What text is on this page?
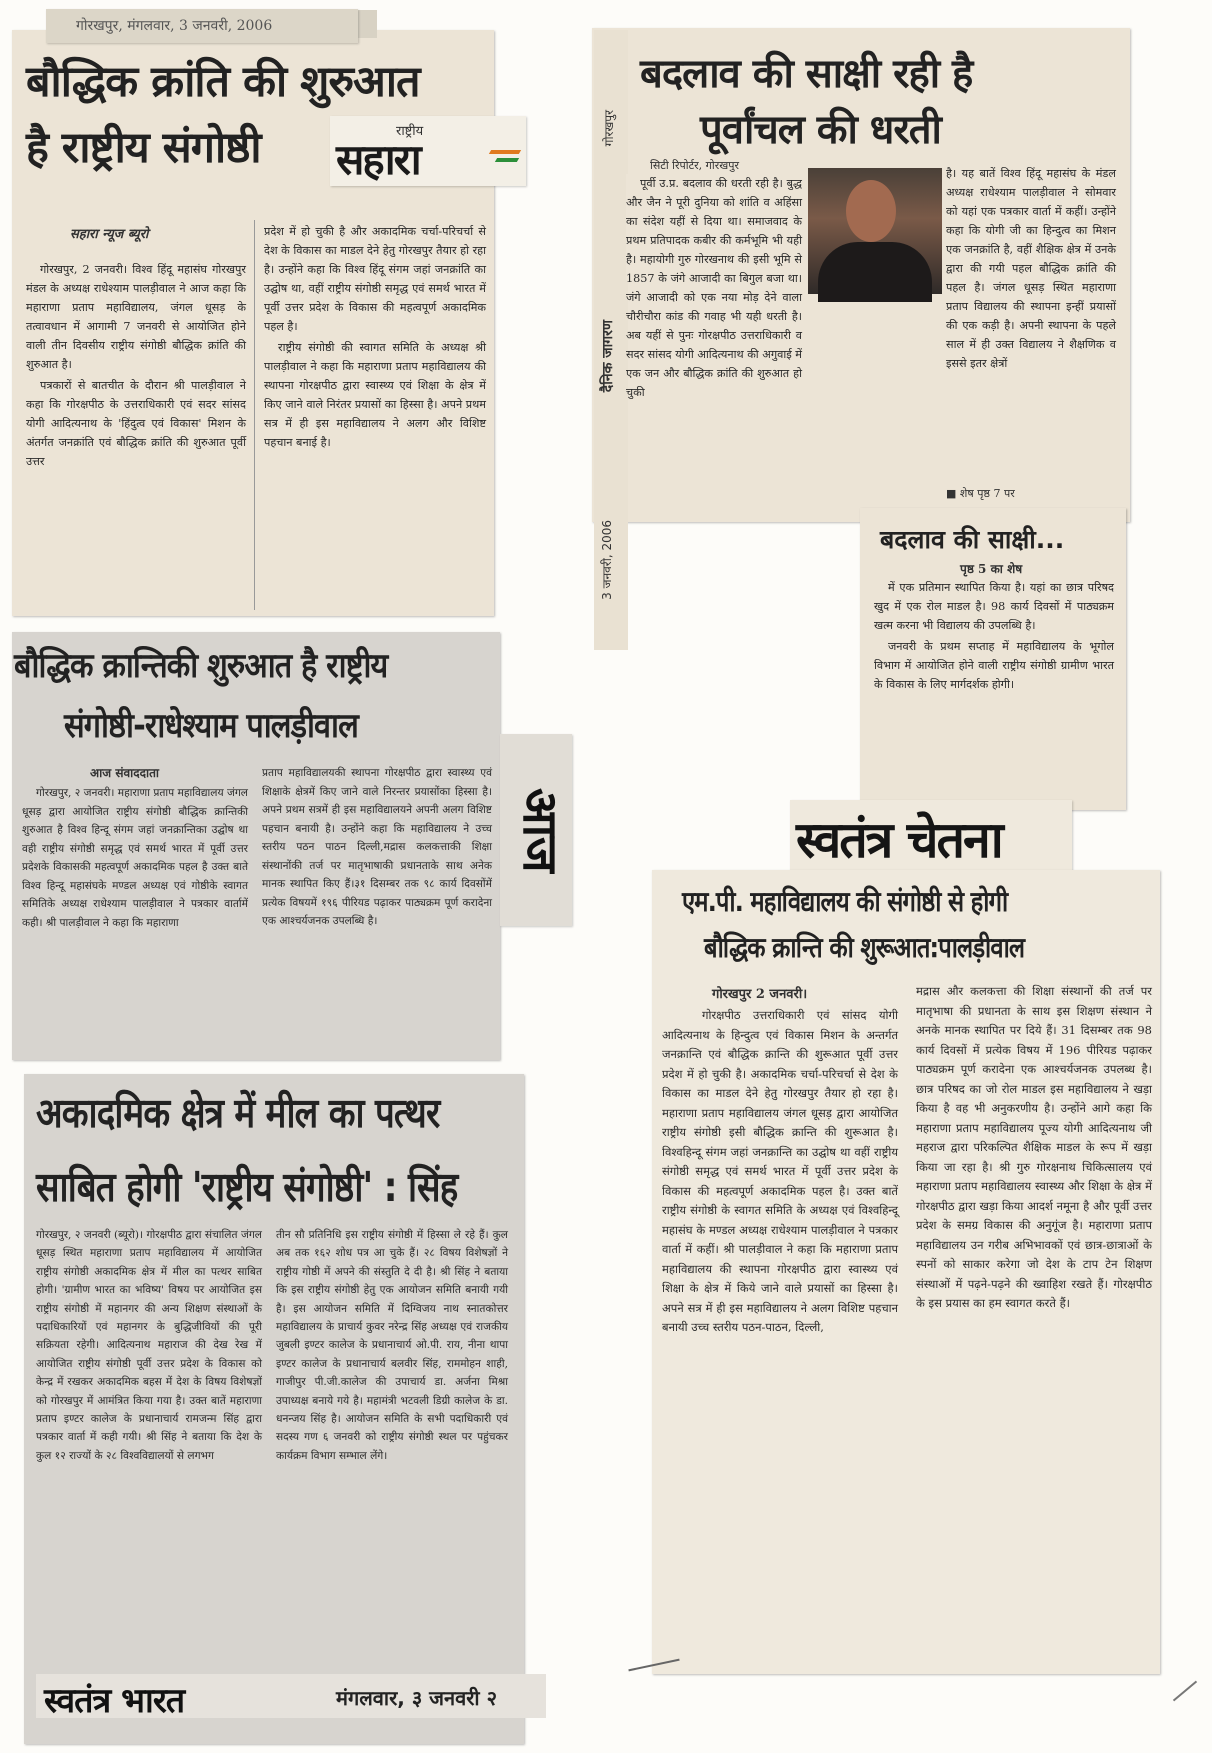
गोरखपुर, मंगलवार, 3 जनवरी, 2006
बौद्धिक क्रांति की शुरुआत
है राष्ट्रीय संगोष्ठी	राष्ट्रीय
सहारा
सहारा न्यूज ब्यूरो

गोरखपुर, 2 जनवरी। विश्व हिंदू महासंघ गोरखपुर मंडल के अध्यक्ष राधेश्याम पालड़ीवाल ने आज कहा कि महाराणा प्रताप महाविद्यालय, जंगल धूसड़ के तत्वावधान में आगामी 7 जनवरी से आयोजित होने वाली तीन दिवसीय राष्ट्रीय संगोष्ठी बौद्धिक क्रांति की शुरुआत है।

पत्रकारों से बातचीत के दौरान श्री पालड़ीवाल ने कहा कि गोरक्षपीठ के उत्तराधिकारी एवं सदर सांसद योगी आदित्यनाथ के 'हिंदुत्व एवं विकास' मिशन के अंतर्गत जनक्रांति एवं बौद्धिक क्रांति की शुरुआत पूर्वी उत्तर

प्रदेश में हो चुकी है और अकादमिक चर्चा-परिचर्चा से देश के विकास का माडल देने हेतु गोरखपुर तैयार हो रहा है। उन्होंने कहा कि विश्व हिंदू संगम जहां जनक्रांति का उद्घोष था, वहीं राष्ट्रीय संगोष्ठी समृद्ध एवं समर्थ भारत में पूर्वी उत्तर प्रदेश के विकास की महत्वपूर्ण अकादमिक पहल है।

राष्ट्रीय संगोष्ठी की स्वागत समिति के अध्यक्ष श्री पालड़ीवाल ने कहा कि महाराणा प्रताप महाविद्यालय की स्थापना गोरक्षपीठ द्वारा स्वास्थ्य एवं शिक्षा के क्षेत्र में किए जाने वाले निरंतर प्रयासों का हिस्सा है। अपने प्रथम सत्र में ही इस महाविद्यालय ने अलग और विशिष्ट पहचान बनाई है।

गोरखपुर
दैनिक जागरण
3 जनवरी, 2006
बदलाव की साक्षी रही है
पूर्वांचल की धरती
सिटी रिपोर्टर, गोरखपुर
पूर्वी उ.प्र. बदलाव की धरती रही है। बुद्ध और जैन ने पूरी दुनिया को शांति व अहिंसा का संदेश यहीं से दिया था। समाजवाद के प्रथम प्रतिपादक कबीर की कर्मभूमि भी यही है। महायोगी गुरु गोरखनाथ की इसी भूमि से 1857 के जंगे आजादी का बिगुल बजा था। जंगे आजादी को एक नया मोड़ देने वाला चौरीचौरा कांड की गवाह भी यही धरती है। अब यहीं से पुनः गोरक्षपीठ उत्तराधिकारी व सदर सांसद योगी आदित्यनाथ की अगुवाई में एक जन और बौद्धिक क्रांति की शुरुआत हो चुकी
है। यह बातें विश्व हिंदू महासंघ के मंडल अध्यक्ष राधेश्याम पालड़ीवाल ने सोमवार को यहां एक पत्रकार वार्ता में कहीं। उन्होंने कहा कि योगी जी का हिन्दुत्व का मिशन एक जनक्रांति है, वहीं शैक्षिक क्षेत्र में उनके द्वारा की गयी पहल बौद्धिक क्रांति की पहल है। जंगल धूसड़ स्थित महाराणा प्रताप विद्यालय की स्थापना इन्हीं प्रयासों की एक कड़ी है। अपनी स्थापना के पहले साल में ही उक्त विद्यालय ने शैक्षणिक व इससे इतर क्षेत्रों
■ शेष पृष्ठ 7 पर
बदलाव की साक्षी...
पृष्ठ 5 का शेष

में एक प्रतिमान स्थापित किया है। यहां का छात्र परिषद खुद में एक रोल माडल है। 98 कार्य दिवसों में पाठ्यक्रम खत्म करना भी विद्यालय की उपलब्धि है।

जनवरी के प्रथम सप्ताह में महाविद्यालय के भूगोल विभाग में आयोजित होने वाली राष्ट्रीय संगोष्ठी ग्रामीण भारत के विकास के लिए मार्गदर्शक होगी।

बौद्धिक क्रान्तिकी शुरुआत है राष्ट्रीय
संगोष्ठी-राधेश्याम पालड़ीवाल
आज
आज संवाददाता
गोरखपुर, २ जनवरी। महाराणा प्रताप महाविद्यालय जंगल धूसड़ द्वारा आयोजित राष्ट्रीय संगोष्ठी बौद्धिक क्रान्तिकी शुरुआत है विश्व हिन्दू संगम जहां जनक्रान्तिका उद्घोष था वही राष्ट्रीय संगोष्ठी समृद्ध एवं समर्थ भारत में पूर्वी उत्तर प्रदेशके विकासकी महत्वपूर्ण अकादमिक पहल है उक्त बाते विश्व हिन्दू महासंघके मण्डल अध्यक्ष एवं गोष्ठीके स्वागत समितिके अध्यक्ष राधेश्याम पालड़ीवाल ने पत्रकार वार्तामें कही। श्री पालड़ीवाल ने कहा कि महाराणा
प्रताप महाविद्यालयकी स्थापना गोरक्षपीठ द्वारा स्वास्थ्य एवं शिक्षाके क्षेत्रमें किए जाने वाले निरन्तर प्रयासोंका हिस्सा है। अपने प्रथम सत्रमें ही इस महाविद्यालयने अपनी अलग विशिष्ट पहचान बनायी है। उन्होंने कहा कि महाविद्यालय ने उच्च स्तरीय पठन पाठन दिल्ली,मद्रास कलकत्ताकी शिक्षा संस्थानोंकी तर्ज पर मातृभाषाकी प्रधानताके साथ अनेक मानक स्थापित किए हैं।३१ दिसम्बर तक ९८ कार्य दिवसोंमें प्रत्येक विषयमें १९६ पीरियड पढ़ाकर पाठ्यक्रम पूर्ण करादेना एक आश्चर्यजनक उपलब्धि है।
स्वतंत्र चेतना
एम.पी. महाविद्यालय की संगोष्ठी से होगी
बौद्धिक क्रान्ति की शुरूआत:पालड़ीवाल
गोरखपुर 2 जनवरी।
गोरक्षपीठ उत्तराधिकारी एवं सांसद योगी आदित्यनाथ के हिन्दुत्व एवं विकास मिशन के अन्तर्गत जनक्रान्ति एवं बौद्धिक क्रान्ति की शुरूआत पूर्वी उत्तर प्रदेश में हो चुकी है। अकादमिक चर्चा-परिचर्चा से देश के विकास का माडल देने हेतु गोरखपुर तैयार हो रहा है। महाराणा प्रताप महाविद्यालय जंगल धूसड़ द्वारा आयोजित राष्ट्रीय संगोष्ठी इसी बौद्धिक क्रान्ति की शुरूआत है। विश्वहिन्दू संगम जहां जनक्रान्ति का उद्घोष था वहीं राष्ट्रीय संगोष्ठी समृद्ध एवं समर्थ भारत में पूर्वी उत्तर प्रदेश के विकास की महत्वपूर्ण अकादमिक पहल है। उक्त बातें राष्ट्रीय संगोष्ठी के स्वागत समिति के अध्यक्ष एवं विश्वहिन्दू महासंघ के मण्डल अध्यक्ष राधेश्याम पालड़ीवाल ने पत्रकार वार्ता में कहीं। श्री पालड़ीवाल ने कहा कि महाराणा प्रताप महाविद्यालय की स्थापना गोरक्षपीठ द्वारा स्वास्थ्य एवं शिक्षा के क्षेत्र में किये जाने वाले प्रयासों का हिस्सा है। अपने सत्र में ही इस महाविद्यालय ने अलग विशिष्ट पहचान बनायी उच्च स्तरीय पठन-पाठन, दिल्ली,
मद्रास और कलकत्ता की शिक्षा संस्थानों की तर्ज पर मातृभाषा की प्रधानता के साथ इस शिक्षण संस्थान ने अनके मानक स्थापित पर दिये हैं। 31 दिसम्बर तक 98 कार्य दिवसों में प्रत्येक विषय में 196 पीरियड पढ़ाकर पाठ्यक्रम पूर्ण करादेना एक आश्चर्यजनक उपलब्ध है। छात्र परिषद का जो रोल माडल इस महाविद्यालय ने खड़ा किया है वह भी अनुकरणीय है। उन्होंने आगे कहा कि महाराणा प्रताप महाविद्यालय पूज्य योगी आदित्यनाथ जी महराज द्वारा परिकल्पित शैक्षिक माडल के रूप में खड़ा किया जा रहा है। श्री गुरु गोरक्षनाथ चिकित्सालय एवं महाराणा प्रताप महाविद्यालय स्वास्थ्य और शिक्षा के क्षेत्र में गोरक्षपीठ द्वारा खड़ा किया आदर्श नमूना है और पूर्वी उत्तर प्रदेश के समग्र विकास की अनुगूंज है। महाराणा प्रताप महाविद्यालय उन गरीब अभिभावकों एवं छात्र-छात्राओं के स्पनों को साकार करेगा जो देश के टाप टेन शिक्षण संस्थाओं में पढ़ने-पढ़ने की ख्वाहिश रखते हैं। गोरक्षपीठ के इस प्रयास का हम स्वागत करते हैं।
अकादमिक क्षेत्र में मील का पत्थर
साबित होगी 'राष्ट्रीय संगोष्ठी' : सिंह
गोरखपुर, २ जनवरी (ब्यूरो)। गोरक्षपीठ द्वारा संचालित जंगल धूसड़ स्थित महाराणा प्रताप महाविद्यालय में आयोजित राष्ट्रीय संगोष्ठी अकादमिक क्षेत्र में मील का पत्थर साबित होगी। 'ग्रामीण भारत का भविष्य' विषय पर आयोजित इस राष्ट्रीय संगोष्ठी में महानगर की अन्य शिक्षण संस्थाओं के पदाधिकारियों एवं महानगर के बुद्धिजीवियों की पूरी सक्रियता रहेगी। आदित्यनाथ महाराज की देख रेख में आयोजित राष्ट्रीय संगोष्ठी पूर्वी उत्तर प्रदेश के विकास को केन्द्र में रखकर अकादमिक बहस में देश के विषय विशेषज्ञों को गोरखपुर में आमंत्रित किया गया है। उक्त बातें महाराणा प्रताप इण्टर कालेज के प्रधानाचार्य रामजन्म सिंह द्वारा पत्रकार वार्ता में कही गयी। श्री सिंह ने बताया कि देश के कुल १२ राज्यों के २८ विश्वविद्यालयों से लगभग
तीन सौ प्रतिनिधि इस राष्ट्रीय संगोष्ठी में हिस्सा ले रहे हैं। कुल अब तक १६२ शोध पत्र आ चुके हैं। २८ विषय विशेषज्ञों ने राष्ट्रीय गोष्ठी में अपने की संस्तुति दे दी है। श्री सिंह ने बताया कि इस राष्ट्रीय संगोष्ठी हेतु एक आयोजन समिति बनायी गयी है। इस आयोजन समिति में दिग्विजय नाथ स्नातकोत्तर महाविद्यालय के प्राचार्य कुवर नरेन्द्र सिंह अध्यक्ष एवं राजकीय जुबली इण्टर कालेज के प्रधानाचार्य ओ.पी. राय, नीना थापा इण्टर कालेज के प्रधानाचार्य बलवीर सिंह, राममोहन शाही, गाजीपुर पी.जी.कालेज की उपाचार्य डा. अर्जना मिश्रा उपाध्यक्ष बनाये गये है। महामंत्री भटवली डिग्री कालेज के डा. धनन्जय सिंह है। आयोजन समिति के सभी पदाधिकारी एवं सदस्य गण ६ जनवरी को राष्ट्रीय संगोष्ठी स्थल पर पहुंचकर कार्यक्रम विभाग सम्भाल लेंगे।
स्वतंत्र भारत	मंगलवार, ३ जनवरी २
